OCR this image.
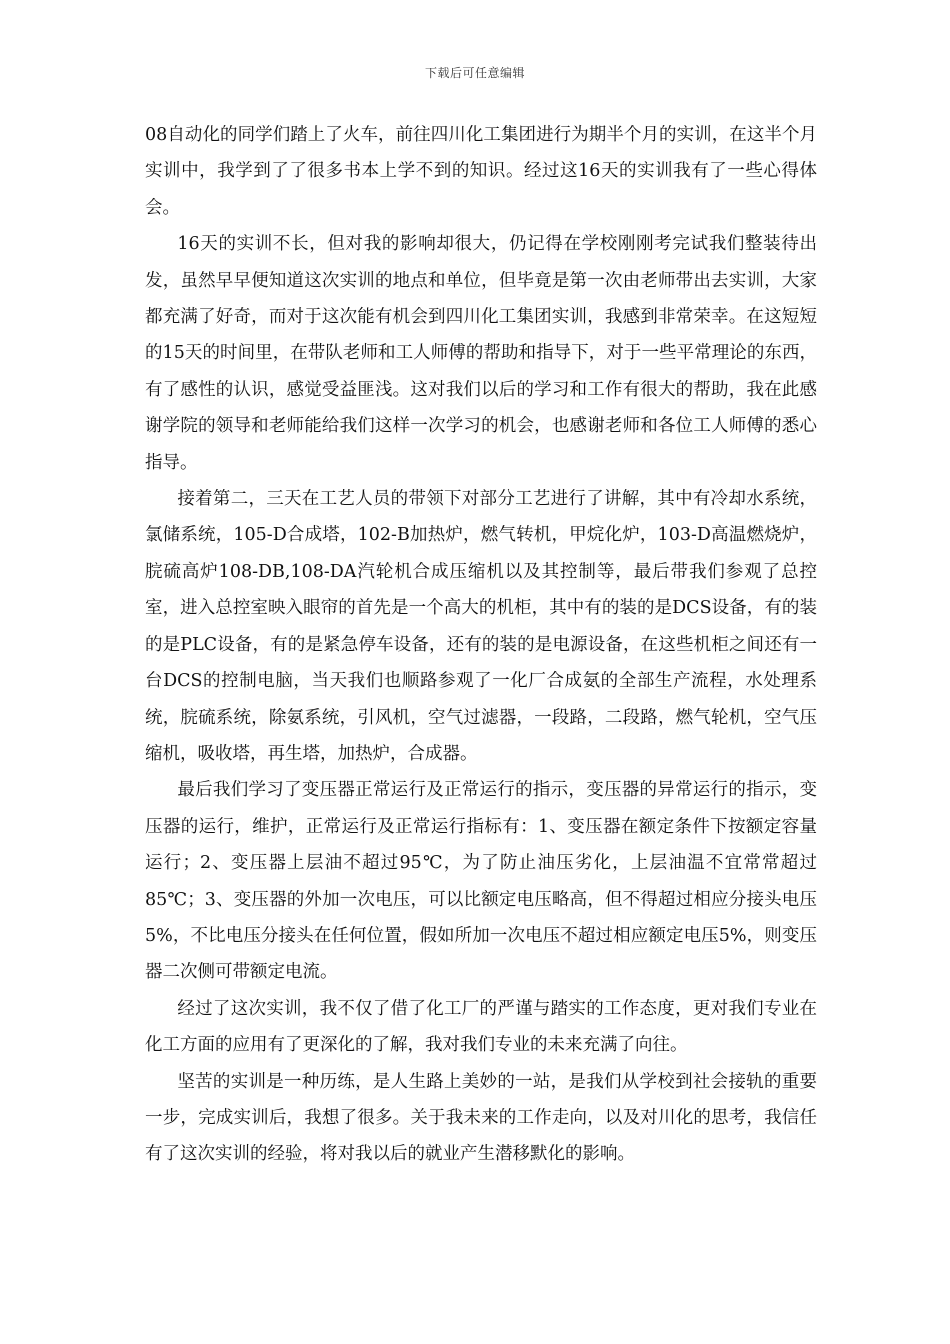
下载后可任意编辑

08自动化的同学们踏上了火车，前往四川化工集团进行为期半个月的实训，在这半个月实训中，我学到了了很多书本上学不到的知识。经过这16天的实训我有了一些心得体会。

16天的实训不长，但对我的影响却很大，仍记得在学校刚刚考完试我们整装待出发，虽然早早便知道这次实训的地点和单位，但毕竟是第一次由老师带出去实训，大家都充满了好奇，而对于这次能有机会到四川化工集团实训，我感到非常荣幸。在这短短的15天的时间里，在带队老师和工人师傅的帮助和指导下，对于一些平常理论的东西，有了感性的认识，感觉受益匪浅。这对我们以后的学习和工作有很大的帮助，我在此感谢学院的领导和老师能给我们这样一次学习的机会，也感谢老师和各位工人师傅的悉心指导。

接着第二，三天在工艺人员的带领下对部分工艺进行了讲解，其中有冷却水系统，氯储系统，105-D合成塔，102-B加热炉，燃气转机，甲烷化炉，103-D高温燃烧炉，脘硫高炉108-DB,108-DA汽轮机合成压缩机以及其控制等，最后带我们参观了总控室，进入总控室映入眼帘的首先是一个高大的机柜，其中有的装的是DCS设备，有的装的是PLC设备，有的是紧急停车设备，还有的装的是电源设备，在这些机柜之间还有一台DCS的控制电脑，当天我们也顺路参观了一化厂合成氨的全部生产流程，水处理系统，脘硫系统，除氨系统，引风机，空气过滤器，一段路，二段路，燃气轮机，空气压缩机，吸收塔，再生塔，加热炉，合成器。

最后我们学习了变压器正常运行及正常运行的指示，变压器的异常运行的指示，变压器的运行，维护，正常运行及正常运行指标有：1、变压器在额定条件下按额定容量运行；2、变压器上层油不超过95℃，为了防止油压劣化，上层油温不宜常常超过85℃；3、变压器的外加一次电压，可以比额定电压略高，但不得超过相应分接头电压5%，不比电压分接头在任何位置，假如所加一次电压不超过相应额定电压5%，则变压器二次侧可带额定电流。

经过了这次实训，我不仅了借了化工厂的严谨与踏实的工作态度，更对我们专业在化工方面的应用有了更深化的了解，我对我们专业的未来充满了向往。

坚苦的实训是一种历练，是人生路上美妙的一站，是我们从学校到社会接轨的重要一步，完成实训后，我想了很多。关于我未来的工作走向，以及对川化的思考，我信任有了这次实训的经验，将对我以后的就业产生潜移默化的影响。
